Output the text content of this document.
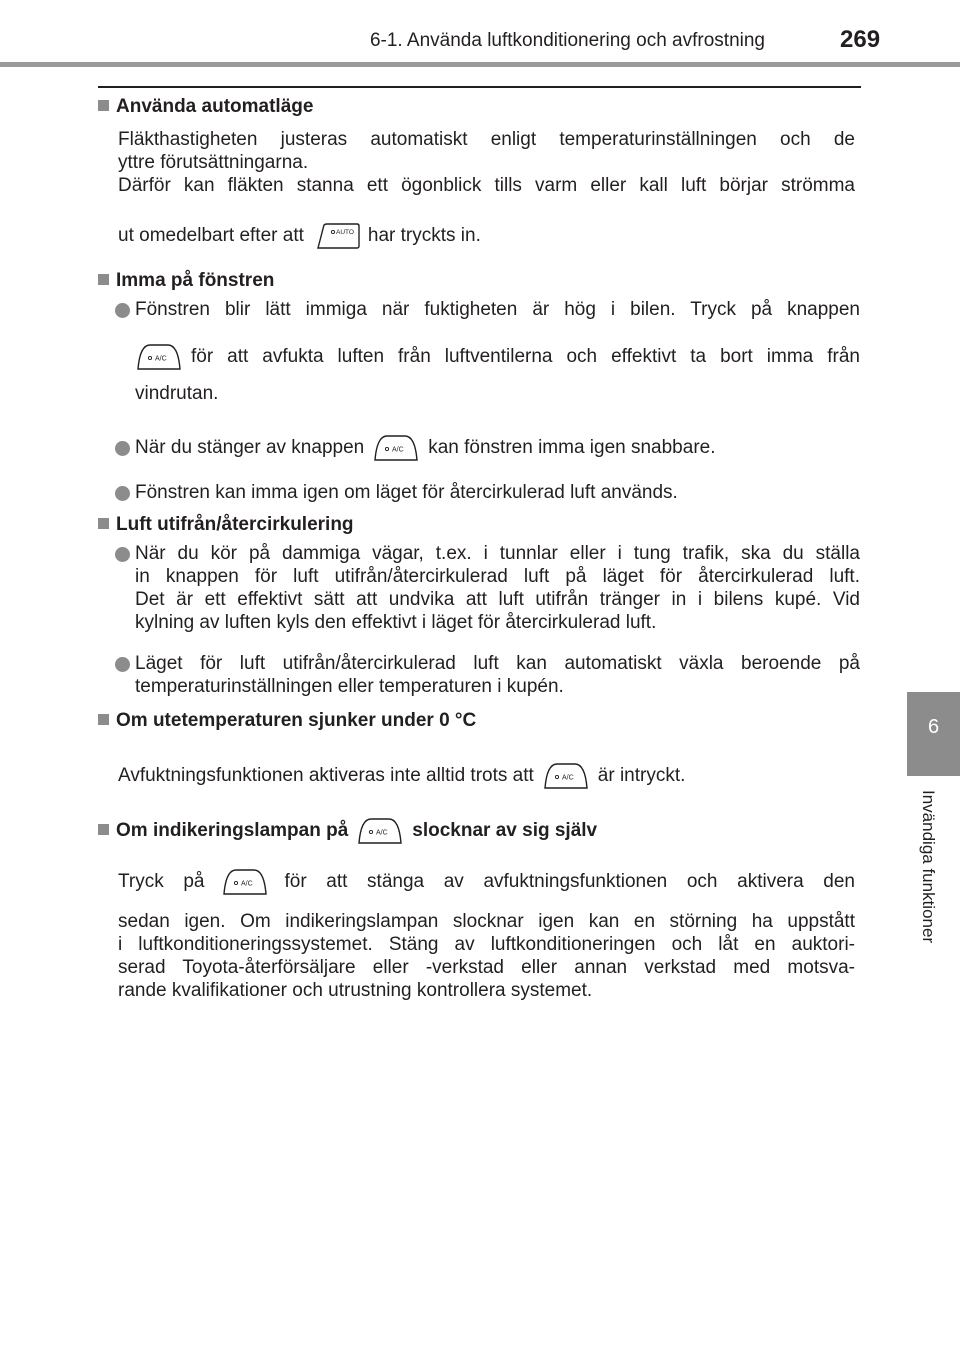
6-1. Använda luftkonditionering och avfrostning	269
6
Invändiga funktioner
Använda automatläge
Fläkthastigheten justeras automatiskt enligt temperaturinställningen och de
yttre förutsättningarna.
Därför kan fläkten stanna ett ögonblick tills varm eller kall luft börjar strömma
ut omedelbart efter att	AUTO har tryckts in.
Imma på fönstren
Fönstren blir lätt immiga när fuktigheten är hög i bilen. Tryck på knappen
A/C för att avfukta luften från luftventilerna och effektivt ta bort imma från
vindrutan.
När du stänger av knappen	A/C kan fönstren imma igen snabbare.
Fönstren kan imma igen om läget för återcirkulerad luft används.
Luft utifrån/återcirkulering
När du kör på dammiga vägar, t.ex. i tunnlar eller i tung trafik, ska du ställa
in knappen för luft utifrån/återcirkulerad luft på läget för återcirkulerad luft.
Det är ett effektivt sätt att undvika att luft utifrån tränger in i bilens kupé. Vid
kylning av luften kyls den effektivt i läget för återcirkulerad luft.
Läget för luft utifrån/återcirkulerad luft kan automatiskt växla beroende på
temperaturinställningen eller temperaturen i kupén.
Om utetemperaturen sjunker under 0 °C
Avfuktningsfunktionen aktiveras inte alltid trots att	A/C är intryckt.
Om indikeringslampan på	A/C slocknar av sig själv
Tryck på	A/C för att stänga av avfuktningsfunktionen och aktivera den
sedan igen. Om indikeringslampan slocknar igen kan en störning ha uppstått
i luftkonditioneringssystemet. Stäng av luftkonditioneringen och låt en auktori-
serad Toyota-återförsäljare eller -verkstad eller annan verkstad med motsva-
rande kvalifikationer och utrustning kontrollera systemet.
